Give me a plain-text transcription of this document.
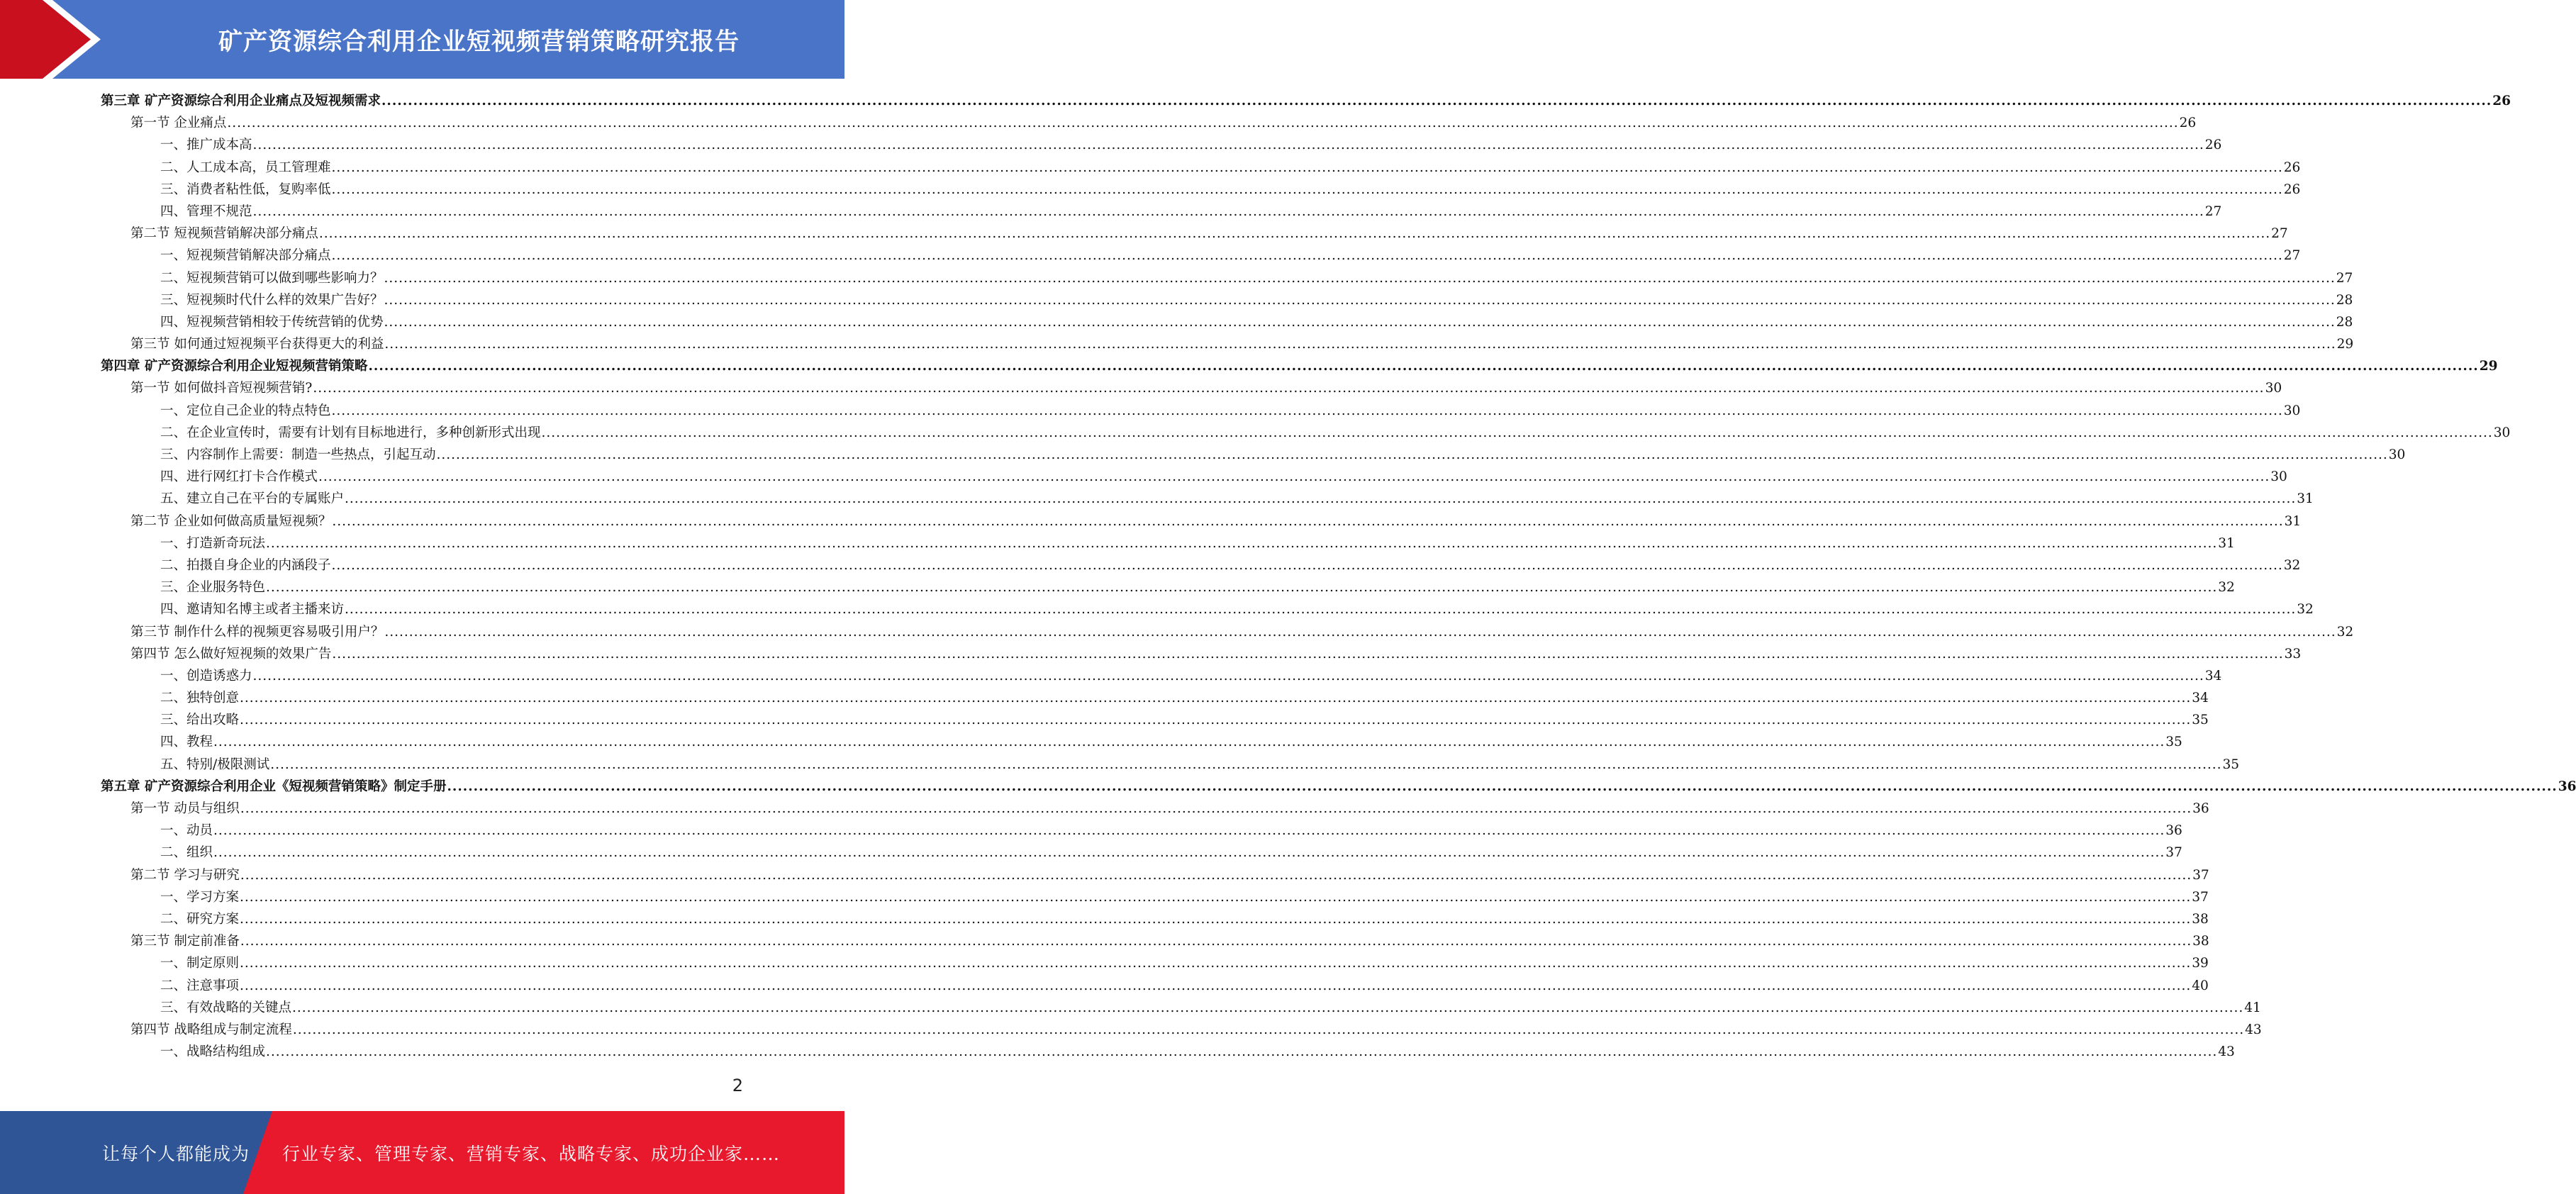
矿产资源综合利用企业短视频营销策略研究报告
第三章 矿产资源综合利用企业痛点及短视频需求 ................................................................................................................................................................................................................................................................................................................................................................................................................ 26
第一节 企业痛点 ................................................................................................................................................................................................................................................................................................................................................................................................................ 26
一、推广成本高 ................................................................................................................................................................................................................................................................................................................................................................................................................ 26
二、人工成本高，员工管理难 ................................................................................................................................................................................................................................................................................................................................................................................................................ 26
三、消费者粘性低，复购率低 ................................................................................................................................................................................................................................................................................................................................................................................................................ 26
四、管理不规范 ................................................................................................................................................................................................................................................................................................................................................................................................................ 27
第二节 短视频营销解决部分痛点 ................................................................................................................................................................................................................................................................................................................................................................................................................ 27
一、短视频营销解决部分痛点 ................................................................................................................................................................................................................................................................................................................................................................................................................ 27
二、短视频营销可以做到哪些影响力？ ................................................................................................................................................................................................................................................................................................................................................................................................................ 27
三、短视频时代什么样的效果广告好？ ................................................................................................................................................................................................................................................................................................................................................................................................................ 28
四、短视频营销相较于传统营销的优势 ................................................................................................................................................................................................................................................................................................................................................................................................................ 28
第三节 如何通过短视频平台获得更大的利益 ................................................................................................................................................................................................................................................................................................................................................................................................................ 29
第四章 矿产资源综合利用企业短视频营销策略 ................................................................................................................................................................................................................................................................................................................................................................................................................ 29
第一节 如何做抖音短视频营销? ................................................................................................................................................................................................................................................................................................................................................................................................................ 30
一、定位自己企业的特点特色 ................................................................................................................................................................................................................................................................................................................................................................................................................ 30
二、在企业宣传时，需要有计划有目标地进行，多种创新形式出现 ................................................................................................................................................................................................................................................................................................................................................................................................................ 30
三、内容制作上需要：制造一些热点，引起互动 ................................................................................................................................................................................................................................................................................................................................................................................................................ 30
四、进行网红打卡合作模式 ................................................................................................................................................................................................................................................................................................................................................................................................................ 30
五、建立自己在平台的专属账户 ................................................................................................................................................................................................................................................................................................................................................................................................................ 31
第二节 企业如何做高质量短视频？ ................................................................................................................................................................................................................................................................................................................................................................................................................ 31
一、打造新奇玩法 ................................................................................................................................................................................................................................................................................................................................................................................................................ 31
二、拍摄自身企业的内涵段子 ................................................................................................................................................................................................................................................................................................................................................................................................................ 32
三、企业服务特色 ................................................................................................................................................................................................................................................................................................................................................................................................................ 32
四、邀请知名博主或者主播来访 ................................................................................................................................................................................................................................................................................................................................................................................................................ 32
第三节 制作什么样的视频更容易吸引用户？ ................................................................................................................................................................................................................................................................................................................................................................................................................ 32
第四节 怎么做好短视频的效果广告 ................................................................................................................................................................................................................................................................................................................................................................................................................ 33
一、创造诱惑力 ................................................................................................................................................................................................................................................................................................................................................................................................................ 34
二、独特创意 ................................................................................................................................................................................................................................................................................................................................................................................................................ 34
三、给出攻略 ................................................................................................................................................................................................................................................................................................................................................................................................................ 35
四、教程 ................................................................................................................................................................................................................................................................................................................................................................................................................ 35
五、特别/极限测试 ................................................................................................................................................................................................................................................................................................................................................................................................................ 35
第五章 矿产资源综合利用企业《短视频营销策略》制定手册 ................................................................................................................................................................................................................................................................................................................................................................................................................ 36
第一节 动员与组织 ................................................................................................................................................................................................................................................................................................................................................................................................................ 36
一、动员 ................................................................................................................................................................................................................................................................................................................................................................................................................ 36
二、组织 ................................................................................................................................................................................................................................................................................................................................................................................................................ 37
第二节 学习与研究 ................................................................................................................................................................................................................................................................................................................................................................................................................ 37
一、学习方案 ................................................................................................................................................................................................................................................................................................................................................................................................................ 37
二、研究方案 ................................................................................................................................................................................................................................................................................................................................................................................................................ 38
第三节 制定前准备 ................................................................................................................................................................................................................................................................................................................................................................................................................ 38
一、制定原则 ................................................................................................................................................................................................................................................................................................................................................................................................................ 39
二、注意事项 ................................................................................................................................................................................................................................................................................................................................................................................................................ 40
三、有效战略的关键点 ................................................................................................................................................................................................................................................................................................................................................................................................................ 41
第四节 战略组成与制定流程 ................................................................................................................................................................................................................................................................................................................................................................................................................ 43
一、战略结构组成 ................................................................................................................................................................................................................................................................................................................................................................................................................ 43
2
让每个人都能成为 行业专家、管理专家、营销专家、战略专家、成功企业家……
